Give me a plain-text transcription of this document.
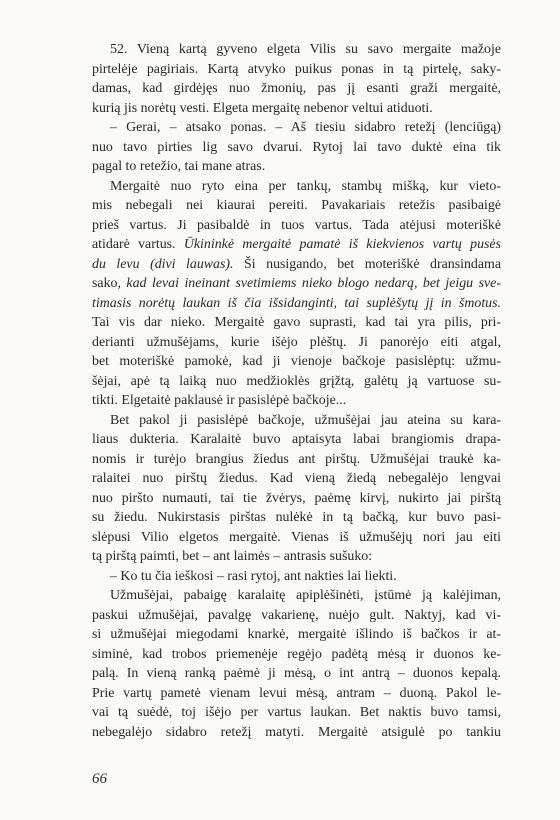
52. Vieną kartą gyveno elgeta Vilis su savo mergaite mažoje
pirtelėje pagiriais. Kartą atvyko puikus ponas in tą pirtelę, saky-
damas, kad girdėjęs nuo žmonių, pas jį esanti graži mergaitė,
kurią jis norėtų vesti. Elgeta mergaitę nebenor veltui atiduoti.
– Gerai, – atsako ponas. – Aš tiesiu sidabro retežį (lenciūgą)
nuo tavo pirties lig savo dvaruі. Rytoj lai tavo duktė eina tik
pagal to retežio, tai mane atras.
Mergaitė nuo ryto eina per tankų, stambų mišką, kur vieto-
mis nebegali nei kiaurai pereiti. Pavakariais retežis pasibaigė
prieš vartus. Ji pasibaldė in tuos vartus. Tada atėjusi moteriškė
atidarė vartus. Ūkininkė mergaitė pamatė iš kiekvienos vartų pusės
du levu (divi lauwas). Ši nusigando, bet moteriškė dransindama
sako, kad levai ineinant svetimiems nieko blogo nedarą, bet jeigu sve-
timasis norėtų laukan iš čia išsidanginti, tai suplėšytų jį in šmotus.
Tai vis dar nieko. Mergaitė gavo suprasti, kad tai yra pilis, pri-
derianti užmušėjams, kurie išėjo plėštų. Ji panorėjo eiti atgal,
bet moteriškė pamokė, kad ji vienoje bačkoje pasislėptų: užmu-
šėjai, apė tą laiką nuo medžioklės grįžtą, galėtų ją vartuose su-
tikti. Elgetaitė paklausė ir pasislėpė bačkoje...
Bet pakol ji pasislėpė bačkoje, užmušėjai jau ateina su kara-
liaus dukteria. Karalaitė buvo aptaisyta labai brangiomis drapa-
nomis ir turėjo brangius žiedus ant pirštų. Užmušėjai traukė ka-
ralaitei nuo pirštų žiedus. Kad vieną žiedą nebegalėjo lengvai
nuo piršto numauti, tai tie žvėrys, paėmę kirvį, nukirto jai pirštą
su žiedu. Nukirstasis pirštas nulėkė in tą bačką, kur buvo pasi-
slėpusi Vilio elgetos mergaitė. Vienas iš užmušėjų nori jau eiti
tą pirštą paimti, bet – ant laimės – antrasis sušuko:
– Ko tu čia ieškosi – rasi rytoj, ant nakties lai liekti.
Užmušėjai, pabaigę karalaitę apiplėšinėti, įstūmė ją kalėjiman,
paskui užmušėjai, pavalgę vakarienę, nuėjo gult. Naktyj, kad vi-
si užmušėjai miegodami knarkė, mergaitė išlindo iš bačkos ir at-
siminė, kad trobos priemenėje regėjo padėtą mėsą ir duonos ke-
palą. In vieną ranką paėmė ji mėsą, o int antrą – duonos kepalą.
Prie vartų pametė vienam levui mėsą, antram – duoną. Pakol le-
vai tą suėdė, toj išėjo per vartus laukan. Bet naktis buvo tamsi,
nebegalėjo sidabro retežį matyti. Mergaitė atsigulė po tankiu
66
